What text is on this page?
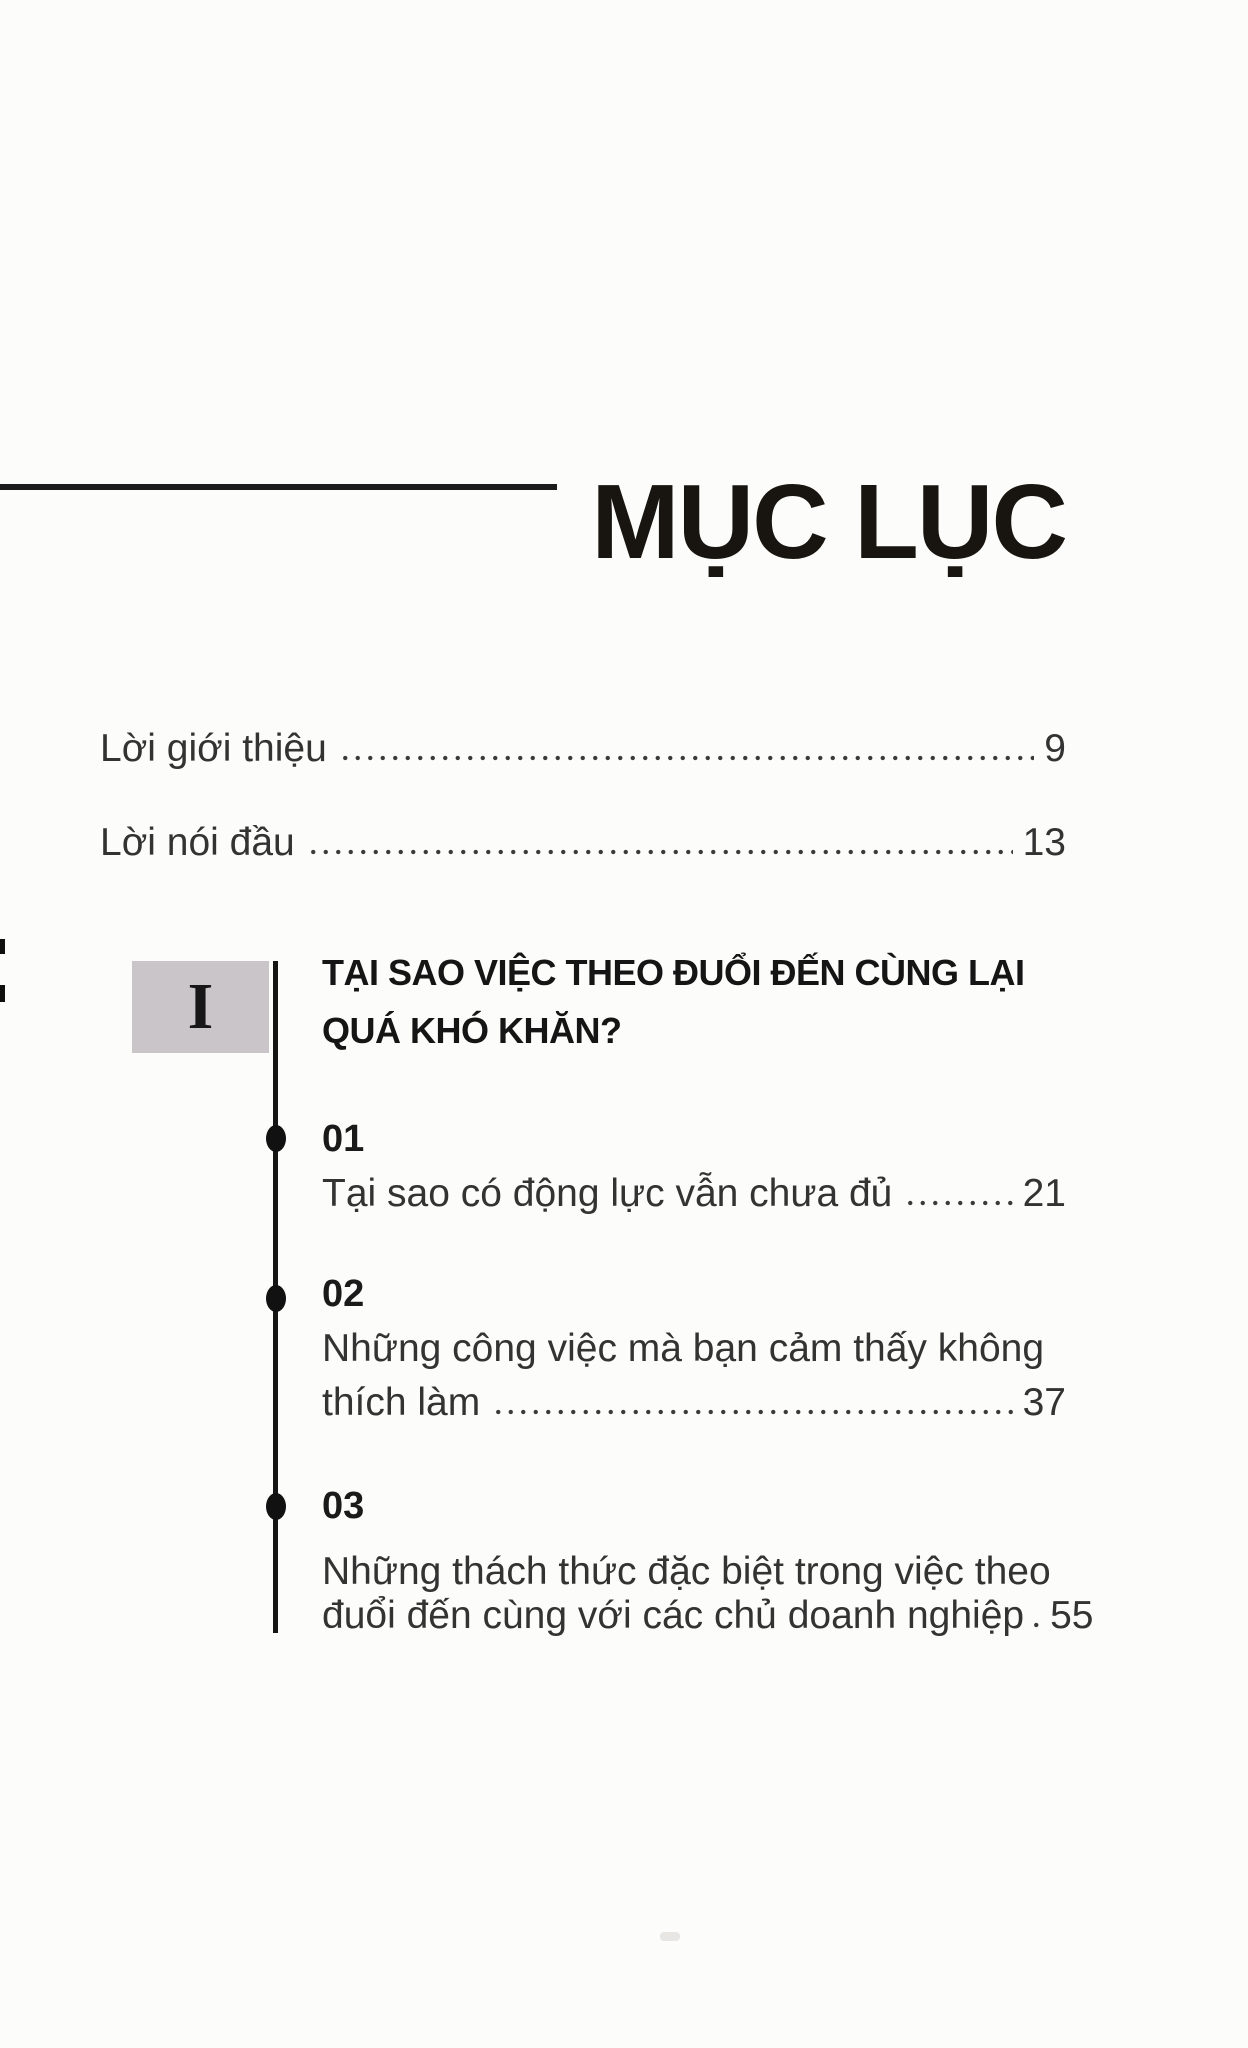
MỤC LỤC
Lời giới thiệu	9
Lời nói đầu	13
I	TẠI SAO VIỆC THEO ĐUỔI ĐẾN CÙNG LẠI
QUÁ KHÓ KHĂN?
01
Tại sao có động lực vẫn chưa đủ	21
02
Những công việc mà bạn cảm thấy không
thích làm	37
03
Những thách thức đặc biệt trong việc theo
đuổi đến cùng với các chủ doanh nghiệp 55
